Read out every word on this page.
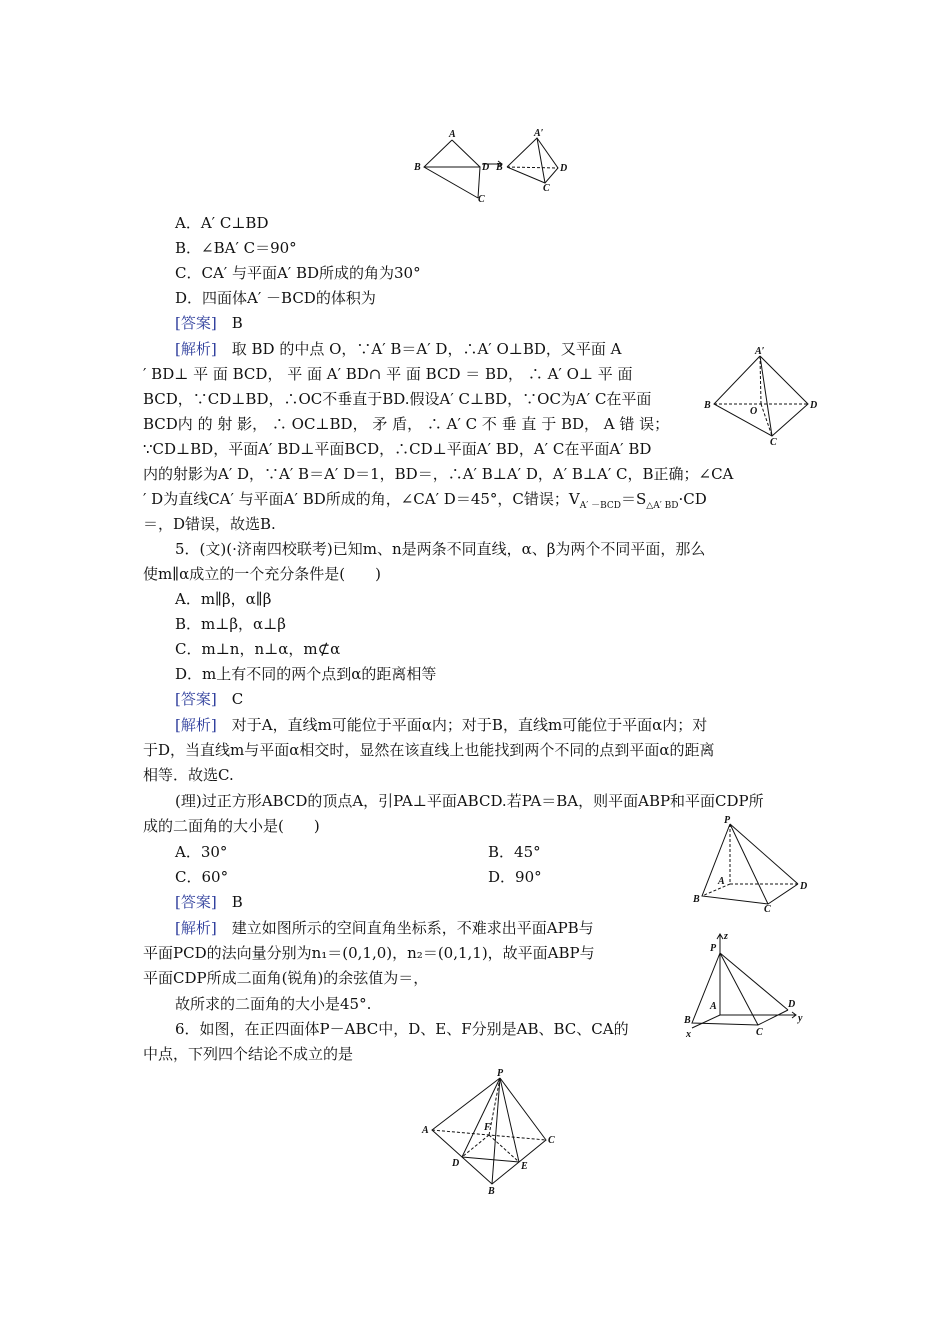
A
B
C
D
A′
B
C
D
A．A′ C⊥BD
B．∠BA′ C＝90°
C．CA′ 与平面A′ BD所成的角为30°
D．四面体A′ －BCD的体积为
[答案]　 B
[解析]　 取 BD 的中点 O，∵A′ B＝A′ D，∴A′ O⊥BD，又平面 A
′ BD⊥ 平 面 BCD， 平 面 A′ BD∩ 平 面 BCD ＝ BD， ∴ A′ O⊥ 平 面
BCD，∵CD⊥BD，∴OC不垂直于BD.假设A′ C⊥BD，∵OC为A′ C在平面
BCD内 的 射 影， ∴ OC⊥BD， 矛 盾， ∴ A′ C 不 垂 直 于 BD， A 错 误；
∵CD⊥BD，平面A′ BD⊥平面BCD，∴CD⊥平面A′ BD，A′ C在平面A′ BD
内的射影为A′ D，∵A′ B＝A′ D＝1，BD＝，∴A′ B⊥A′ D，A′ B⊥A′ C，B正确；∠CA
′ D为直线CA′ 与平面A′ BD所成的角，∠CA′ D＝45°，C错误；$V_{A' -BCD}=S_{\triangle A' BD}\cdot CD$
＝，D错误，故选B.
A′
B
O
D
C
5．(文)(·济南四校联考)已知m、n是两条不同直线，α、β为两个不同平面，那么
使m∥α成立的一个充分条件是(　　)
A．m∥β，α∥β
B．m⊥β，α⊥β
C．m⊥n，n⊥α，m⊄α
D．m上有不同的两个点到α的距离相等
[答案]　 C
[解析]　 对于A，直线m可能位于平面α内；对于B，直线m可能位于平面α内；对
于D，当直线m与平面α相交时，显然在该直线上也能找到两个不同的点到平面α的距离
相等．故选C.
(理)过正方形ABCD的顶点A，引PA⊥平面ABCD.若PA＝BA，则平面ABP和平面CDP所
成的二面角的大小是(　　)
A．30°	B．45°
C．60°	D．90°
[答案]　 B
[解析]　 建立如图所示的空间直角坐标系，不难求出平面APB与
平面PCD的法向量分别为n₁＝(0,1,0)，n₂＝(0,1,1)，故平面ABP与
平面CDP所成二面角(锐角)的余弦值为＝，
故所求的二面角的大小是45°.
P
A	D
B
C
z
P
A	D
B
C
y
x
6．如图，在正四面体P－ABC中，D、E、F分别是AB、BC、CA的
中点，下列四个结论不成立的是
P
A	F
C
D	E
B
